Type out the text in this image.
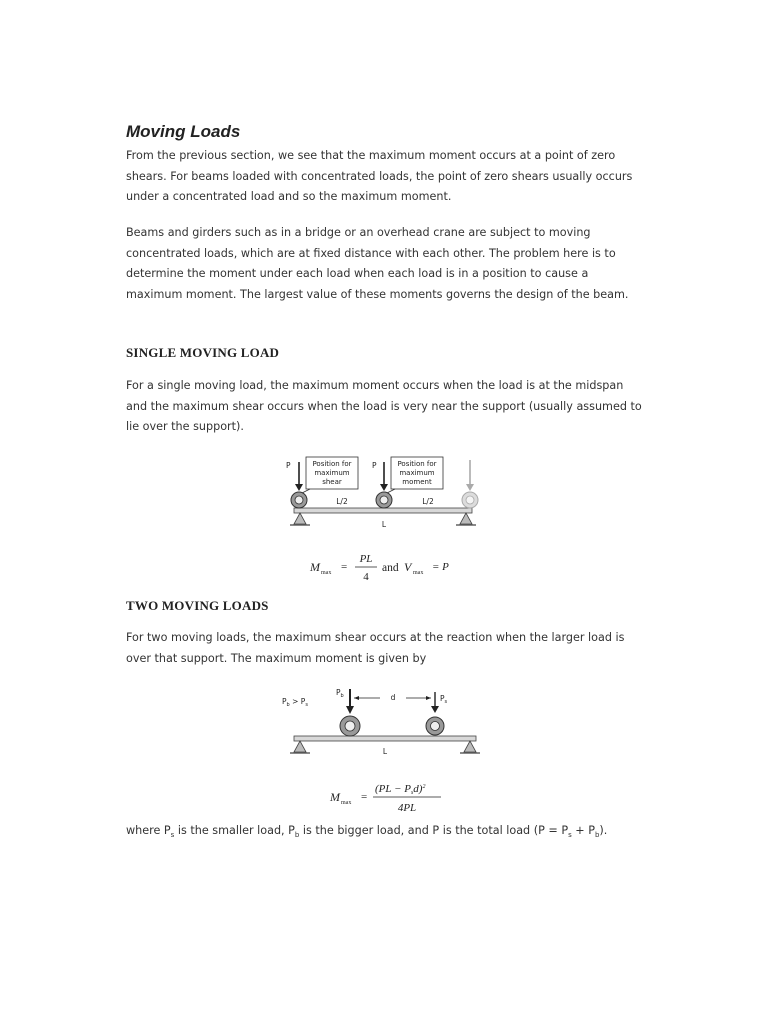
Moving Loads

From the previous section, we see that the maximum moment occurs at a point of zero shears. For beams loaded with concentrated loads, the point of zero shears usually occurs under a concentrated load and so the maximum moment.

Beams and girders such as in a bridge or an overhead crane are subject to moving concentrated loads, which are at fixed distance with each other. The problem here is to determine the moment under each load when each load is in a position to cause a maximum moment. The largest value of these moments governs the design of the beam.

SINGLE MOVING LOAD

For a single moving load, the maximum moment occurs when the load is at the midspan and the maximum shear occurs when the load is very near the support (usually assumed to lie over the support).

P	P
Position for
maximum
shear
Position for
maximum
moment
L/2	L/2
L
M max =
PL
4
and V max = P
TWO MOVING LOADS

For two moving loads, the maximum shear occurs at the reaction when the larger load is over that support. The maximum moment is given by

$P_b > P_s$
d
$P_b$	$P_s$
L
M max =
(PL − Psd)$^2$
4PL

where $P_s$ is the smaller load, $P_b$ is the bigger load, and P is the total load $(P = P_s + P_b)$.
